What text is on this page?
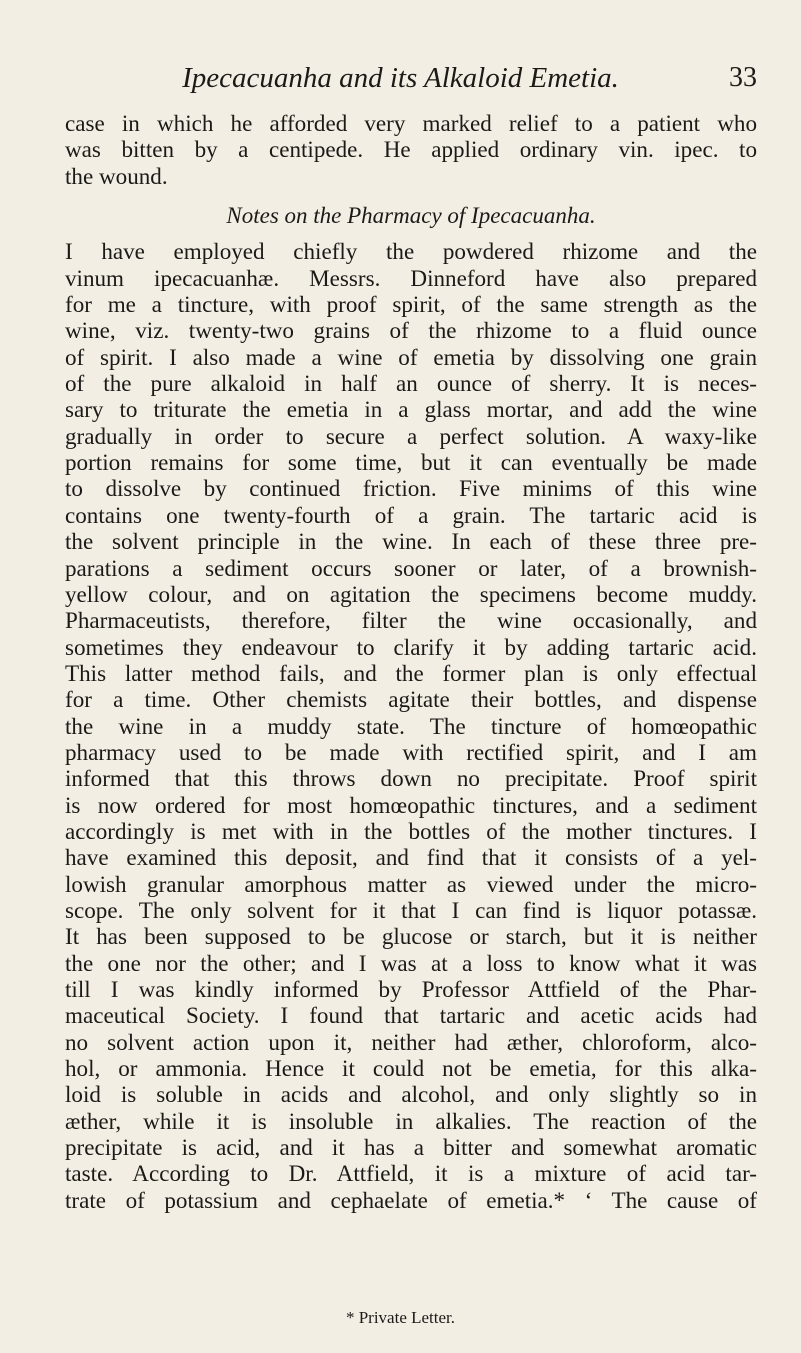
Ipecacuanha and its Alkaloid Emetia.	33
case in which he afforded very marked relief to a patient who
was bitten by a centipede. He applied ordinary vin. ipec. to
the wound.
Notes on the Pharmacy of Ipecacuanha.
I have employed chiefly the powdered rhizome and the
vinum ipecacuanhæ. Messrs. Dinneford have also prepared
for me a tincture, with proof spirit, of the same strength as the
wine, viz. twenty-two grains of the rhizome to a fluid ounce
of spirit. I also made a wine of emetia by dissolving one grain
of the pure alkaloid in half an ounce of sherry. It is neces-
sary to triturate the emetia in a glass mortar, and add the wine
gradually in order to secure a perfect solution. A waxy-like
portion remains for some time, but it can eventually be made
to dissolve by continued friction. Five minims of this wine
contains one twenty-fourth of a grain. The tartaric acid is
the solvent principle in the wine. In each of these three pre-
parations a sediment occurs sooner or later, of a brownish-
yellow colour, and on agitation the specimens become muddy.
Pharmaceutists, therefore, filter the wine occasionally, and
sometimes they endeavour to clarify it by adding tartaric acid.
This latter method fails, and the former plan is only effectual
for a time. Other chemists agitate their bottles, and dispense
the wine in a muddy state. The tincture of homœopathic
pharmacy used to be made with rectified spirit, and I am
informed that this throws down no precipitate. Proof spirit
is now ordered for most homœopathic tinctures, and a sediment
accordingly is met with in the bottles of the mother tinctures. I
have examined this deposit, and find that it consists of a yel-
lowish granular amorphous matter as viewed under the micro-
scope. The only solvent for it that I can find is liquor potassæ.
It has been supposed to be glucose or starch, but it is neither
the one nor the other; and I was at a loss to know what it was
till I was kindly informed by Professor Attfield of the Phar-
maceutical Society. I found that tartaric and acetic acids had
no solvent action upon it, neither had æther, chloroform, alco-
hol, or ammonia. Hence it could not be emetia, for this alka-
loid is soluble in acids and alcohol, and only slightly so in
æther, while it is insoluble in alkalies. The reaction of the
precipitate is acid, and it has a bitter and somewhat aromatic
taste. According to Dr. Attfield, it is a mixture of acid tar-
trate of potassium and cephaelate of emetia.* ‘ The cause of
* Private Letter.
